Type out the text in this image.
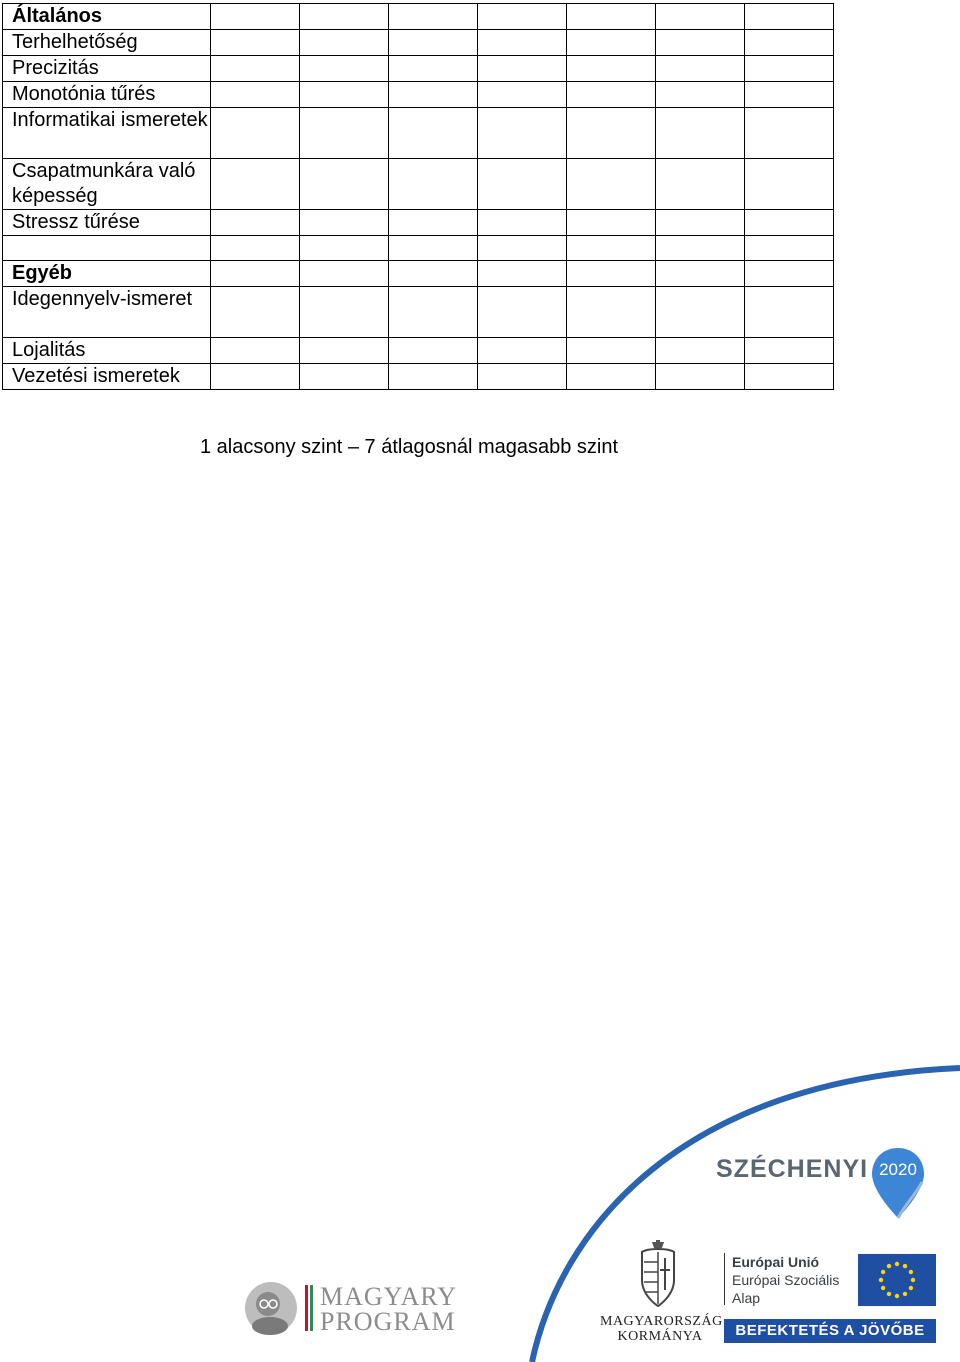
Általános							
Terhelhetőség							
Precizitás							
Monotónia tűrés							
Informatikai ismeretek							
Csapatmunkára való képesség							
Stressz tűrése							

Egyéb							
Idegennyelv-ismeret							
Lojalitás							
Vezetési ismeretek							
1 alacsony szint – 7 átlagosnál magasabb szint
SZÉCHENYI 2020
MAGYARY
PROGRAM	MAGYARORSZÁG
KORMÁNYA
Európai Unió
Európai Szociális
Alap
BEFEKTETÉS A JÖVŐBE
